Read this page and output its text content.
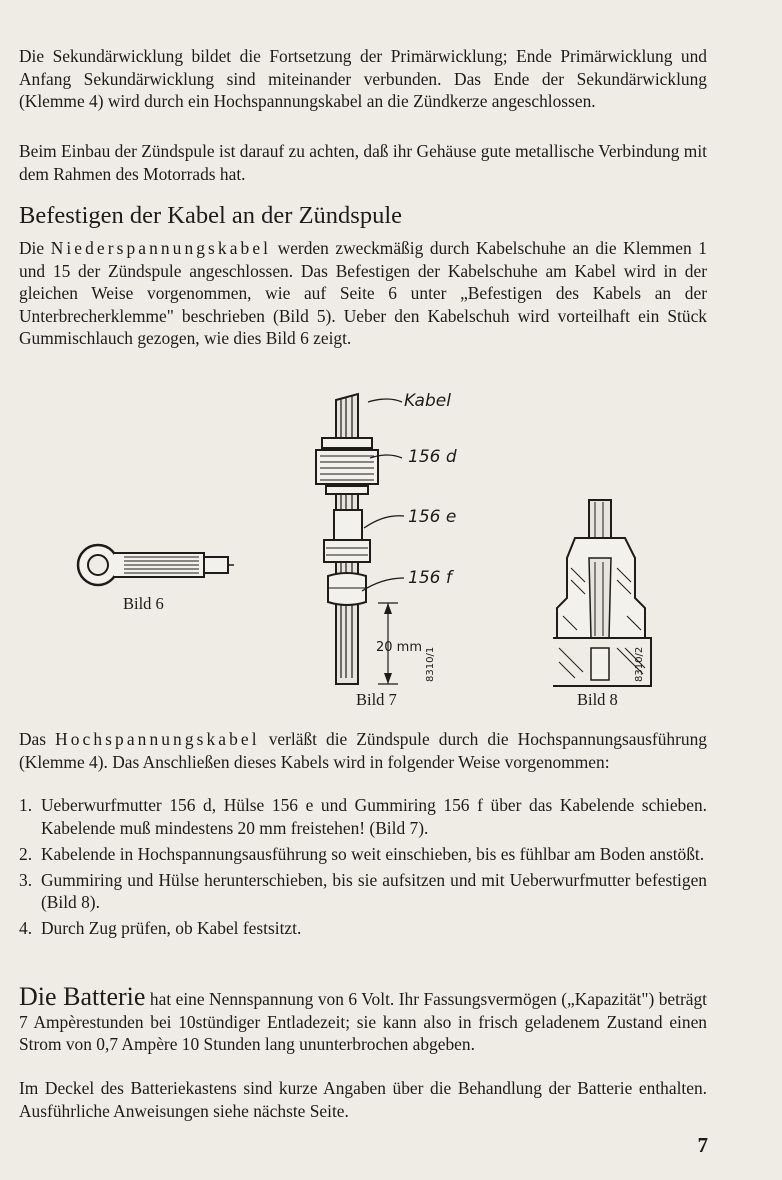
Die Sekundärwicklung bildet die Fortsetzung der Primärwicklung; Ende Primärwicklung und Anfang Sekundärwicklung sind miteinander verbunden. Das Ende der Sekundärwicklung (Klemme 4) wird durch ein Hochspannungskabel an die Zündkerze angeschlossen.

Beim Einbau der Zündspule ist darauf zu achten, daß ihr Gehäuse gute metallische Verbindung mit dem Rahmen des Motorrads hat.

Befestigen der Kabel an der Zündspule

Die Niederspannungskabel werden zweckmäßig durch Kabelschuhe an die Klemmen 1 und 15 der Zündspule angeschlossen. Das Befestigen der Kabelschuhe am Kabel wird in der gleichen Weise vorgenommen, wie auf Seite 6 unter „Befestigen des Kabels an der Unterbrecherklemme" beschrieben (Bild 5). Ueber den Kabelschuh wird vorteilhaft ein Stück Gummischlauch gezogen, wie dies Bild 6 zeigt.

Bild 6
Kabel
156 d
156 e
156 f
20 mm 8310/1
Bild 7
8310/2
Bild 8

Das Hochspannungskabel verläßt die Zündspule durch die Hochspannungsausführung (Klemme 4). Das Anschließen dieses Kabels wird in folgender Weise vorgenommen:

1. Ueberwurfmutter 156 d, Hülse 156 e und Gummiring 156 f über das Kabelende schieben. Kabelende muß mindestens 20 mm freistehen! (Bild 7).
2. Kabelende in Hochspannungsausführung so weit einschieben, bis es fühlbar am Boden anstößt.
3. Gummiring und Hülse herunterschieben, bis sie aufsitzen und mit Ueberwurfmutter befestigen (Bild 8).
4. Durch Zug prüfen, ob Kabel festsitzt.

Die Batterie hat eine Nennspannung von 6 Volt. Ihr Fassungsvermögen („Kapazität") beträgt 7 Ampèrestunden bei 10stündiger Entladezeit; sie kann also in frisch geladenem Zustand einen Strom von 0,7 Ampère 10 Stunden lang ununterbrochen abgeben.

Im Deckel des Batteriekastens sind kurze Angaben über die Behandlung der Batterie enthalten. Ausführliche Anweisungen siehe nächste Seite.

7
